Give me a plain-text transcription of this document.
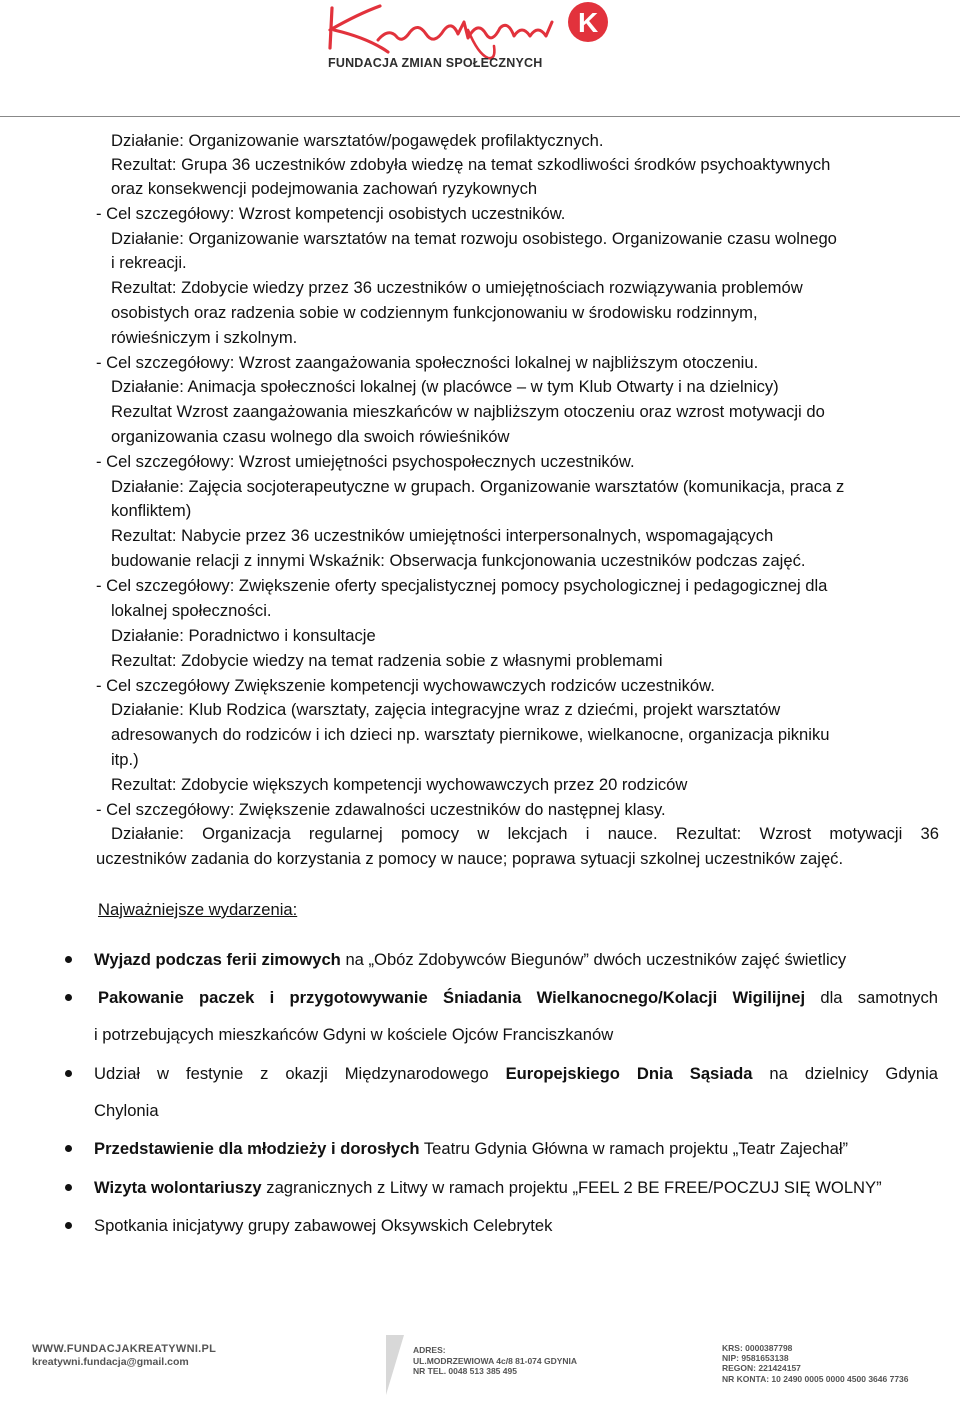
K
FUNDACJA ZMIAN SPOŁECZNYCH
Działanie: Organizowanie warsztatów/pogawędek profilaktycznych.
Rezultat: Grupa 36 uczestników zdobyła wiedzę na temat szkodliwości środków psychoaktywnych
oraz konsekwencji podejmowania zachowań ryzykownych
- Cel szczegółowy: Wzrost kompetencji osobistych uczestników.
Działanie: Organizowanie warsztatów na temat rozwoju osobistego. Organizowanie czasu wolnego
i rekreacji.
Rezultat: Zdobycie wiedzy przez 36 uczestników o umiejętnościach rozwiązywania problemów
osobistych oraz radzenia sobie w codziennym funkcjonowaniu w środowisku rodzinnym,
rówieśniczym i szkolnym.
- Cel szczegółowy: Wzrost zaangażowania społeczności lokalnej w najbliższym otoczeniu.
Działanie: Animacja społeczności lokalnej (w placówce – w tym Klub Otwarty i na dzielnicy)
Rezultat Wzrost zaangażowania mieszkańców w najbliższym otoczeniu oraz wzrost motywacji do
organizowania czasu wolnego dla swoich rówieśników
- Cel szczegółowy: Wzrost umiejętności psychospołecznych uczestników.
Działanie: Zajęcia socjoterapeutyczne w grupach. Organizowanie warsztatów (komunikacja, praca z
konfliktem)
Rezultat: Nabycie przez 36 uczestników umiejętności interpersonalnych, wspomagających
budowanie relacji z innymi Wskaźnik: Obserwacja funkcjonowania uczestników podczas zajęć.
- Cel szczegółowy: Zwiększenie oferty specjalistycznej pomocy psychologicznej i pedagogicznej dla
lokalnej społeczności.
Działanie: Poradnictwo i konsultacje
Rezultat: Zdobycie wiedzy na temat radzenia sobie z własnymi problemami
- Cel szczegółowy Zwiększenie kompetencji wychowawczych rodziców uczestników.
Działanie: Klub Rodzica (warsztaty, zajęcia integracyjne wraz z dziećmi, projekt warsztatów
adresowanych do rodziców i ich dzieci np. warsztaty piernikowe, wielkanocne, organizacja pikniku
itp.)
Rezultat: Zdobycie większych kompetencji wychowawczych przez 20 rodziców
- Cel szczegółowy: Zwiększenie zdawalności uczestników do następnej klasy.
Działanie: Organizacja regularnej pomocy w lekcjach i nauce. Rezultat: Wzrost motywacji 36
uczestników zadania do korzystania z pomocy w nauce; poprawa sytuacji szkolnej uczestników zajęć.
Najważniejsze wydarzenia:
Wyjazd podczas ferii zimowych na „Obóz Zdobywców Biegunów” dwóch uczestników zajęć świetlicy
Pakowanie paczek i przygotowywanie Śniadania Wielkanocnego/Kolacji Wigilijnej dla samotnych
i potrzebujących mieszkańców Gdyni w kościele Ojców Franciszkanów
Udział w festynie z okazji Międzynarodowego Europejskiego Dnia Sąsiada na dzielnicy Gdynia
Chylonia
Przedstawienie dla młodzieży i dorosłych Teatru Gdynia Główna w ramach projektu „Teatr Zajechał”
Wizyta wolontariuszy zagranicznych z Litwy w ramach projektu „FEEL 2 BE FREE/POCZUJ SIĘ WOLNY”
Spotkania inicjatywy grupy zabawowej Oksywskich Celebrytek
WWW.FUNDACJAKREATYWNI.PL
kreatywni.fundacja@gmail.com
ADRES:
UL.MODRZEWIOWA 4c/8 81-074 GDYNIA
NR TEL. 0048 513 385 495
KRS: 0000387798
NIP: 9581653138
REGON: 221424157
NR KONTA: 10 2490 0005 0000 4500 3646 7736
